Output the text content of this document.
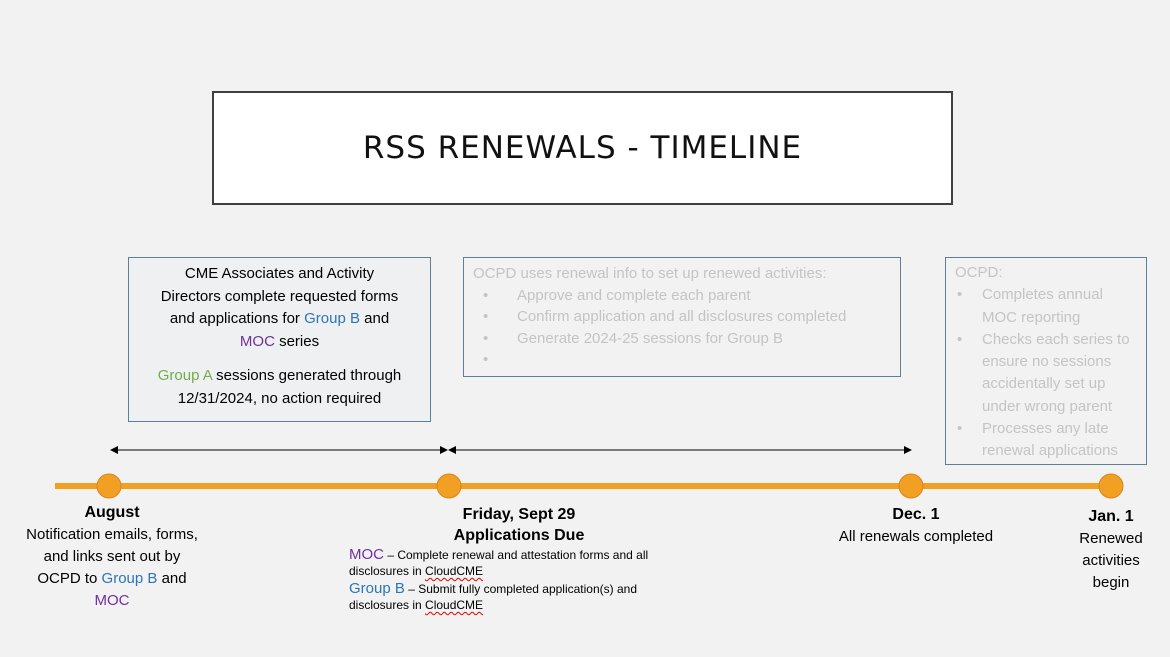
RSS RENEWALS - TIMELINE
CME Associates and Activity
Directors complete requested forms
and applications for Group B and
MOC series
Group A sessions generated through
12/31/2024, no action required
OCPD uses renewal info to set up renewed activities:
• Approve and complete each parent
• Confirm application and all disclosures completed
• Generate 2024-25 sessions for Group B
•
OCPD:
• Completes annual MOC reporting
• Checks each series to ensure no sessions accidentally set up under wrong parent
• Processes any late renewal applications
August
Notification emails, forms,
and links sent out by
OCPD to Group B and
MOC
Friday, Sept 29
Applications Due
MOC – Complete renewal and attestation forms and all
disclosures in CloudCME
Group B – Submit fully completed application(s) and
disclosures in CloudCME
Dec. 1
All renewals completed
Jan. 1
Renewed
activities
begin
